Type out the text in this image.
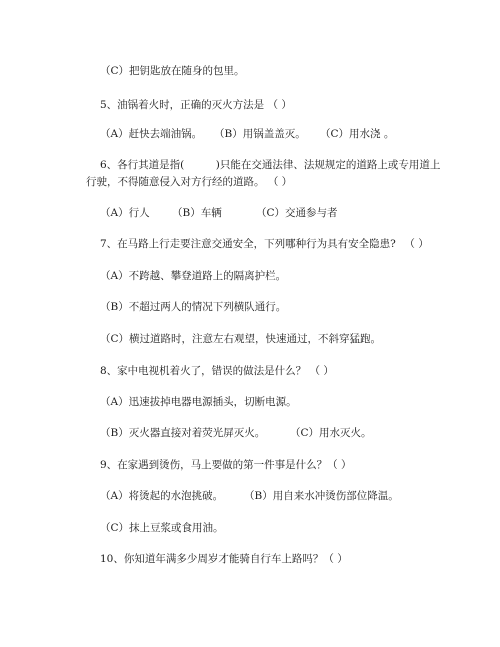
（C）把钥匙放在随身的包里。
5、油锅着火时，正确的灭火方法是 （ ）
（A）赶快去端油锅。 （B）用锅盖盖灭。 （C）用水浇 。
6、各行其道是指(　　　)只能在交通法律、法规规定的道路上或专用道上
行驶，不得随意侵入对方行经的道路。 （ ）
（A）行人 （B）车辆	（C）交通参与者
7、在马路上行走要注意交通安全，下列哪种行为具有安全隐患? 　（ ）
（A）不跨越、攀登道路上的隔离护栏。
（B）不超过两人的情况下列横队通行。
（C）横过道路时，注意左右观望，快速通过，不斜穿猛跑。
8、家中电视机着火了，错误的做法是什么？ （ ）
（A）迅速拔掉电器电源插头，切断电源。
（B）灭火器直接对着荧光屏灭火。 （C）用水灭火。
9、在家遇到烫伤，马上要做的第一件事是什么？（ ）
（A）将烫起的水泡挑破。 （B）用自来水冲烫伤部位降温。
（C）抹上豆浆或食用油。
10、你知道年满多少周岁才能骑自行车上路吗？（ ）
